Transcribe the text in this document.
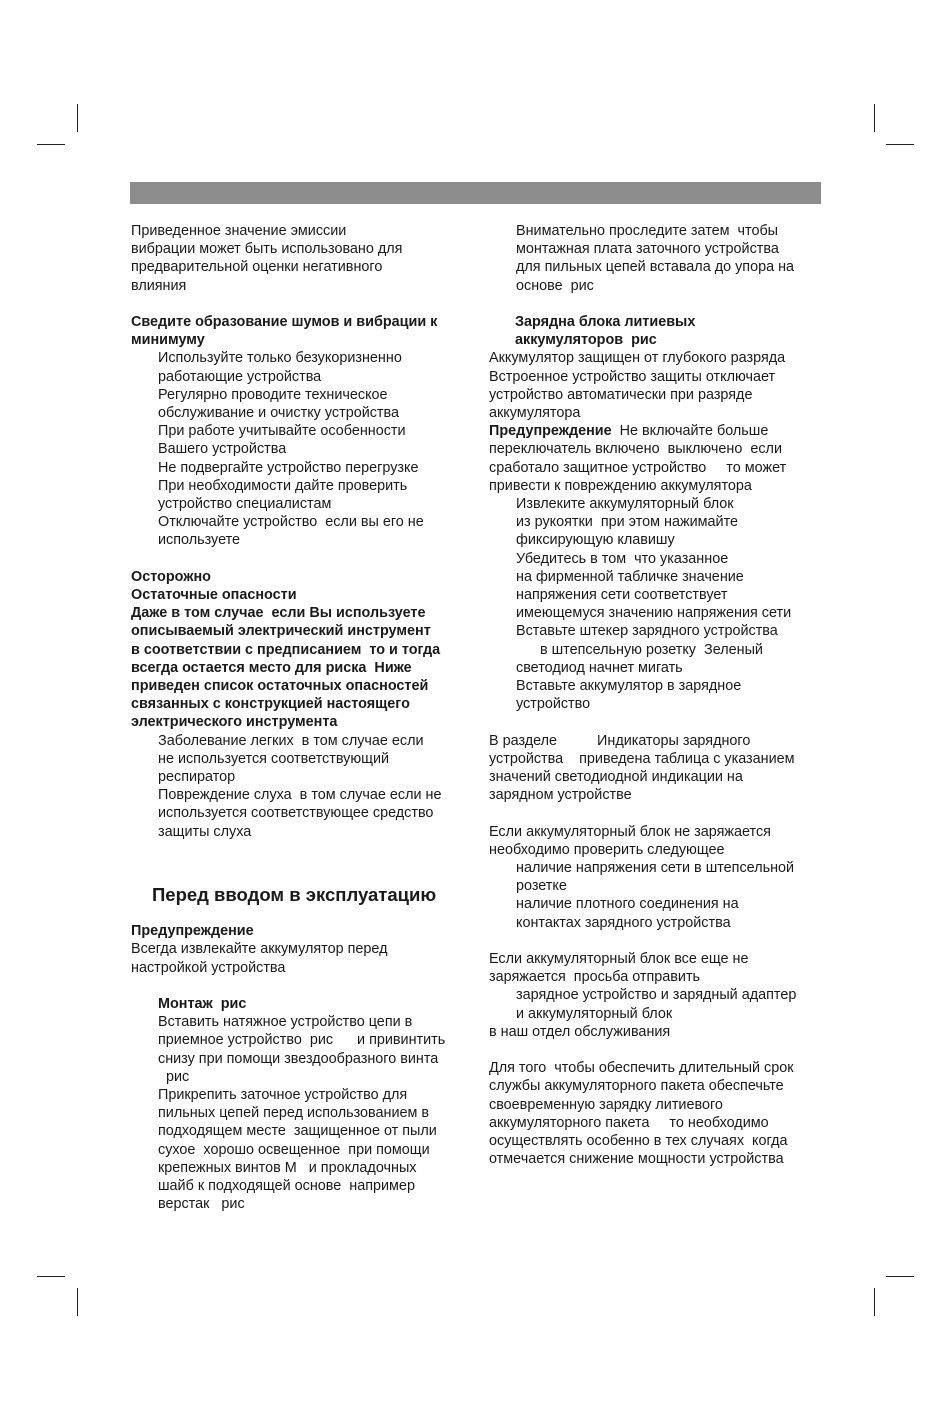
Приведенное значение эмиссии
вибрации может быть использовано для
предварительной оценки негативного
влияния
Сведите образование шумов и вибрации к
минимуму
Используйте только безукоризненно
работающие устройства
Регулярно проводите техническое
обслуживание и очистку устройства
При работе учитывайте особенности
Вашего устройства
Не подвергайте устройство перегрузке
При необходимости дайте проверить
устройство специалистам
Отключайте устройство  если вы его не
используете
Осторожно
Остаточные опасности
Даже в том случае  если Вы используете
описываемый электрический инструмент
в соответствии с предписанием  то и тогда
всегда остается место для риска  Ниже
приведен список остаточных опасностей
связанных с конструкцией настоящего
электрического инструмента
Заболевание легких  в том случае если
не используется соответствующий
респиратор
Повреждение слуха  в том случае если не
используется соответствующее средство
защиты слуха
Перед вводом в эксплуатацию
Предупреждение
Всегда извлекайте аккумулятор перед
настройкой устройства
Монтаж  рис
Вставить натяжное устройство цепи в
приемное устройство  рис      и привинтить
снизу при помощи звездообразного винта
рис
Прикрепить заточное устройство для
пильных цепей перед использованием в
подходящем месте  защищенное от пыли
сухое  хорошо освещенное  при помощи
крепежных винтов М   и прокладочных
шайб к подходящей основе  например
верстак   рис
Внимательно проследите затем  чтобы
монтажная плата заточного устройства
для пильных цепей вставала до упора на
основе  рис
Зарядна блока литиевых
аккумуляторов  рис
Аккумулятор защищен от глубокого разряда
Встроенное устройство защиты отключает
устройство автоматически при разряде
аккумулятора
Предупреждение  Не включайте больше
переключатель включено  выключено  если
сработало защитное устройство     то может
привести к повреждению аккумулятора
Извлеките аккумуляторный блок
из рукоятки  при этом нажимайте
фиксирующую клавишу
Убедитесь в том  что указанное
на фирменной табличке значение
напряжения сети соответствует
имеющемуся значению напряжения сети
Вставьте штекер зарядного устройства
в штепсельную розетку  Зеленый
светодиод начнет мигать
Вставьте аккумулятор в зарядное
устройство
В разделе          Индикаторы зарядного
устройства    приведена таблица с указанием
значений светодиодной индикации на
зарядном устройстве
Если аккумуляторный блок не заряжается
необходимо проверить следующее
наличие напряжения сети в штепсельной
розетке
наличие плотного соединения на
контактах зарядного устройства
Если аккумуляторный блок все еще не
заряжается  просьба отправить
зарядное устройство и зарядный адаптер
и аккумуляторный блок
в наш отдел обслуживания
Для того  чтобы обеспечить длительный срок
службы аккумуляторного пакета обеспечьте
своевременную зарядку литиевого
аккумуляторного пакета     то необходимо
осуществлять особенно в тех случаях  когда
отмечается снижение мощности устройства
